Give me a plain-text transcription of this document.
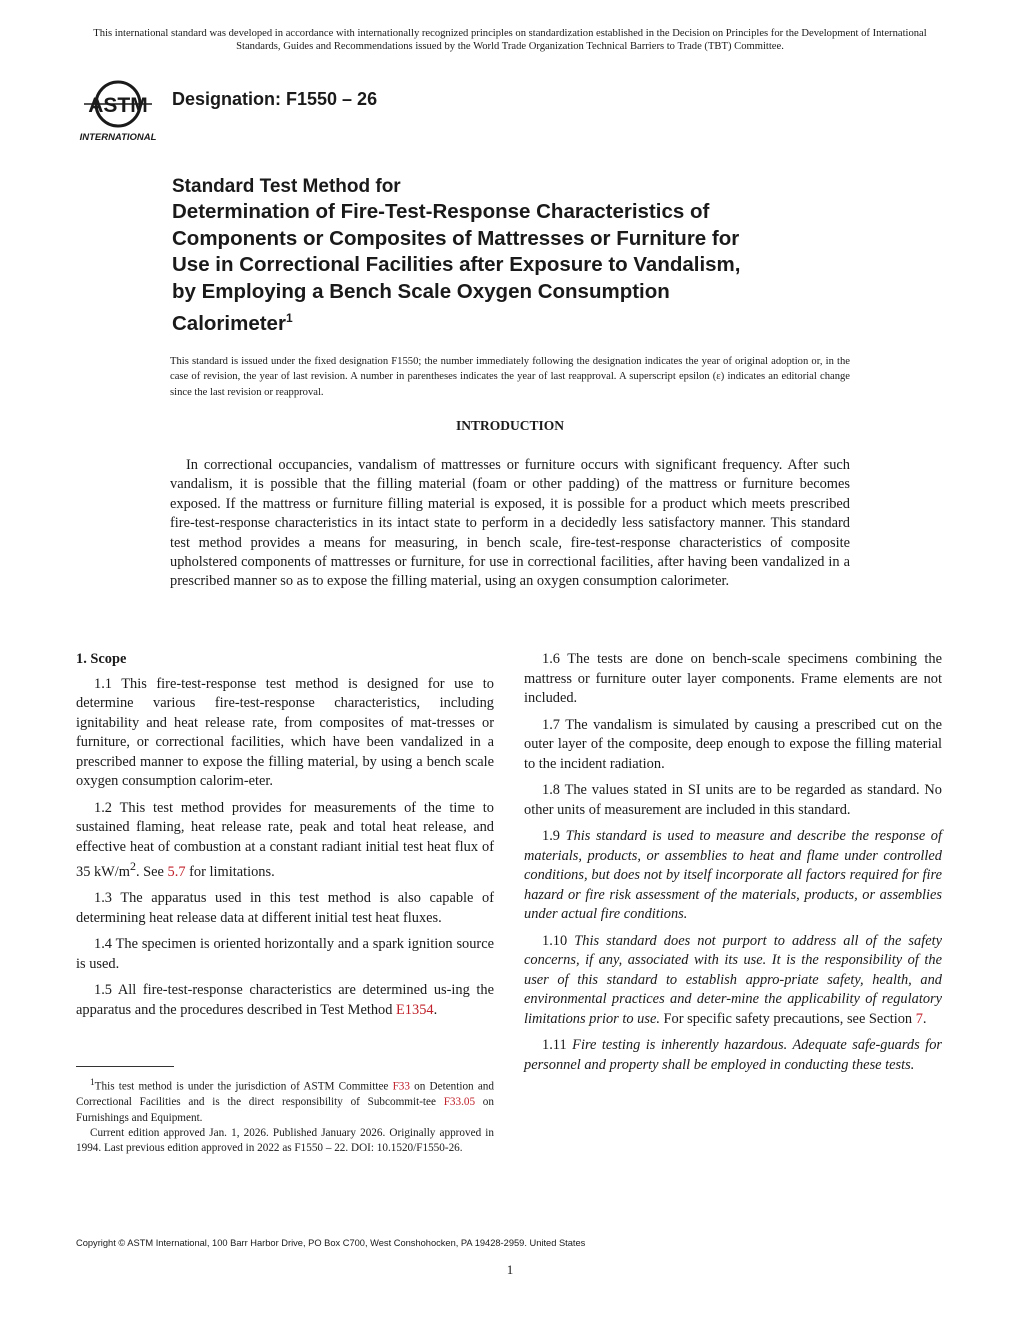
This international standard was developed in accordance with internationally recognized principles on standardization established in the Decision on Principles for the Development of International Standards, Guides and Recommendations issued by the World Trade Organization Technical Barriers to Trade (TBT) Committee.
ASTM
INTERNATIONAL
Designation: F1550 – 26
Standard Test Method for
Determination of Fire-Test-Response Characteristics of
Components or Composites of Mattresses or Furniture for
Use in Correctional Facilities after Exposure to Vandalism,
by Employing a Bench Scale Oxygen Consumption
Calorimeter$^1$
This standard is issued under the fixed designation F1550; the number immediately following the designation indicates the year of original adoption or, in the case of revision, the year of last revision. A number in parentheses indicates the year of last reapproval. A superscript epsilon (ε) indicates an editorial change since the last revision or reapproval.
INTRODUCTION

In correctional occupancies, vandalism of mattresses or furniture occurs with significant frequency. After such vandalism, it is possible that the filling material (foam or other padding) of the mattress or furniture becomes exposed. If the mattress or furniture filling material is exposed, it is possible for a product which meets prescribed fire-test-response characteristics in its intact state to perform in a decidedly less satisfactory manner. This standard test method provides a means for measuring, in bench scale, fire-test-response characteristics of composite upholstered components of mattresses or furniture, for use in correctional facilities, after having been vandalized in a prescribed manner so as to expose the filling material, using an oxygen consumption calorimeter.

1. Scope

1.1 This fire-test-response test method is designed for use to determine various fire-test-response characteristics, including ignitability and heat release rate, from composites of mat-tresses or furniture, or correctional facilities, which have been vandalized in a prescribed manner to expose the filling material, by using a bench scale oxygen consumption calorim-eter.

1.2 This test method provides for measurements of the time to sustained flaming, heat release rate, peak and total heat release, and effective heat of combustion at a constant radiant initial test heat flux of 35 $kW/m^2$. See 5.7 for limitations.

1.3 The apparatus used in this test method is also capable of determining heat release data at different initial test heat fluxes.

1.4 The specimen is oriented horizontally and a spark ignition source is used.

1.5 All fire-test-response characteristics are determined us-ing the apparatus and the procedures described in Test Method E1354.

1.6 The tests are done on bench-scale specimens combining the mattress or furniture outer layer components. Frame elements are not included.

1.7 The vandalism is simulated by causing a prescribed cut on the outer layer of the composite, deep enough to expose the filling material to the incident radiation.

1.8 The values stated in SI units are to be regarded as standard. No other units of measurement are included in this standard.

1.9 This standard is used to measure and describe the response of materials, products, or assemblies to heat and flame under controlled conditions, but does not by itself incorporate all factors required for fire hazard or fire risk assessment of the materials, products, or assemblies under actual fire conditions.

1.10 This standard does not purport to address all of the safety concerns, if any, associated with its use. It is the responsibility of the user of this standard to establish appro-priate safety, health, and environmental practices and deter-mine the applicability of regulatory limitations prior to use. For specific safety precautions, see Section 7.

1.11 Fire testing is inherently hazardous. Adequate safe-guards for personnel and property shall be employed in conducting these tests.

$^1$This test method is under the jurisdiction of ASTM Committee F33 on Detention and Correctional Facilities and is the direct responsibility of Subcommit-tee F33.05 on Furnishings and Equipment.

Current edition approved Jan. 1, 2026. Published January 2026. Originally approved in 1994. Last previous edition approved in 2022 as F1550 – 22. DOI: 10.1520/F1550-26.

Copyright © ASTM International, 100 Barr Harbor Drive, PO Box C700, West Conshohocken, PA 19428-2959. United States
1
